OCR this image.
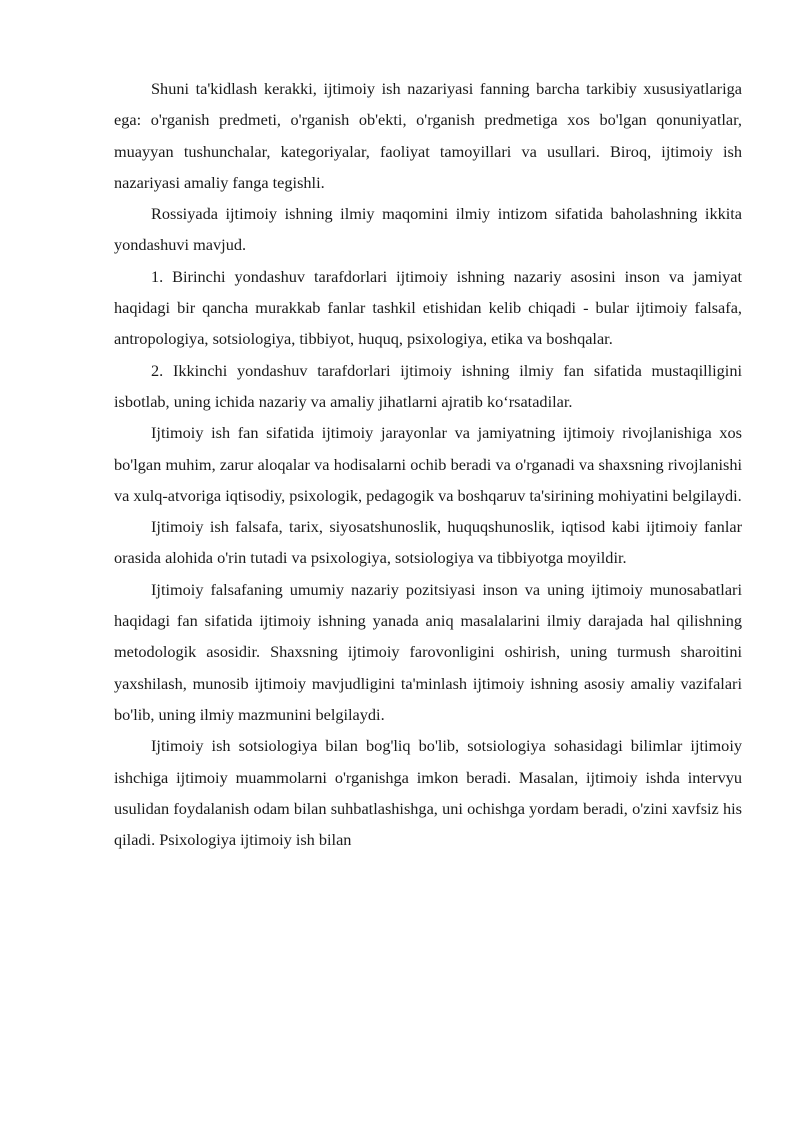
Shuni ta'kidlash kerakki, ijtimoiy ish nazariyasi fanning barcha tarkibiy xususiyatlariga ega: o'rganish predmeti, o'rganish ob'ekti, o'rganish predmetiga xos bo'lgan qonuniyatlar, muayyan tushunchalar, kategoriyalar, faoliyat tamoyillari va usullari. Biroq, ijtimoiy ish nazariyasi amaliy fanga tegishli.

Rossiyada ijtimoiy ishning ilmiy maqomini ilmiy intizom sifatida baholashning ikkita yondashuvi mavjud.

1. Birinchi yondashuv tarafdorlari ijtimoiy ishning nazariy asosini inson va jamiyat haqidagi bir qancha murakkab fanlar tashkil etishidan kelib chiqadi - bular ijtimoiy falsafa, antropologiya, sotsiologiya, tibbiyot, huquq, psixologiya, etika va boshqalar.

2. Ikkinchi yondashuv tarafdorlari ijtimoiy ishning ilmiy fan sifatida mustaqilligini isbotlab, uning ichida nazariy va amaliy jihatlarni ajratib ko‘rsatadilar.

Ijtimoiy ish fan sifatida ijtimoiy jarayonlar va jamiyatning ijtimoiy rivojlanishiga xos bo'lgan muhim, zarur aloqalar va hodisalarni ochib beradi va o'rganadi va shaxsning rivojlanishi va xulq-atvoriga iqtisodiy, psixologik, pedagogik va boshqaruv ta'sirining mohiyatini belgilaydi.

Ijtimoiy ish falsafa, tarix, siyosatshunoslik, huquqshunoslik, iqtisod kabi ijtimoiy fanlar orasida alohida o'rin tutadi va psixologiya, sotsiologiya va tibbiyotga moyildir.

Ijtimoiy falsafaning umumiy nazariy pozitsiyasi inson va uning ijtimoiy munosabatlari haqidagi fan sifatida ijtimoiy ishning yanada aniq masalalarini ilmiy darajada hal qilishning metodologik asosidir. Shaxsning ijtimoiy farovonligini oshirish, uning turmush sharoitini yaxshilash, munosib ijtimoiy mavjudligini ta'minlash ijtimoiy ishning asosiy amaliy vazifalari bo'lib, uning ilmiy mazmunini belgilaydi.

Ijtimoiy ish sotsiologiya bilan bog'liq bo'lib, sotsiologiya sohasidagi bilimlar ijtimoiy ishchiga ijtimoiy muammolarni o'rganishga imkon beradi. Masalan, ijtimoiy ishda intervyu usulidan foydalanish odam bilan suhbatlashishga, uni ochishga yordam beradi, o'zini xavfsiz his qiladi. Psixologiya ijtimoiy ish bilan
